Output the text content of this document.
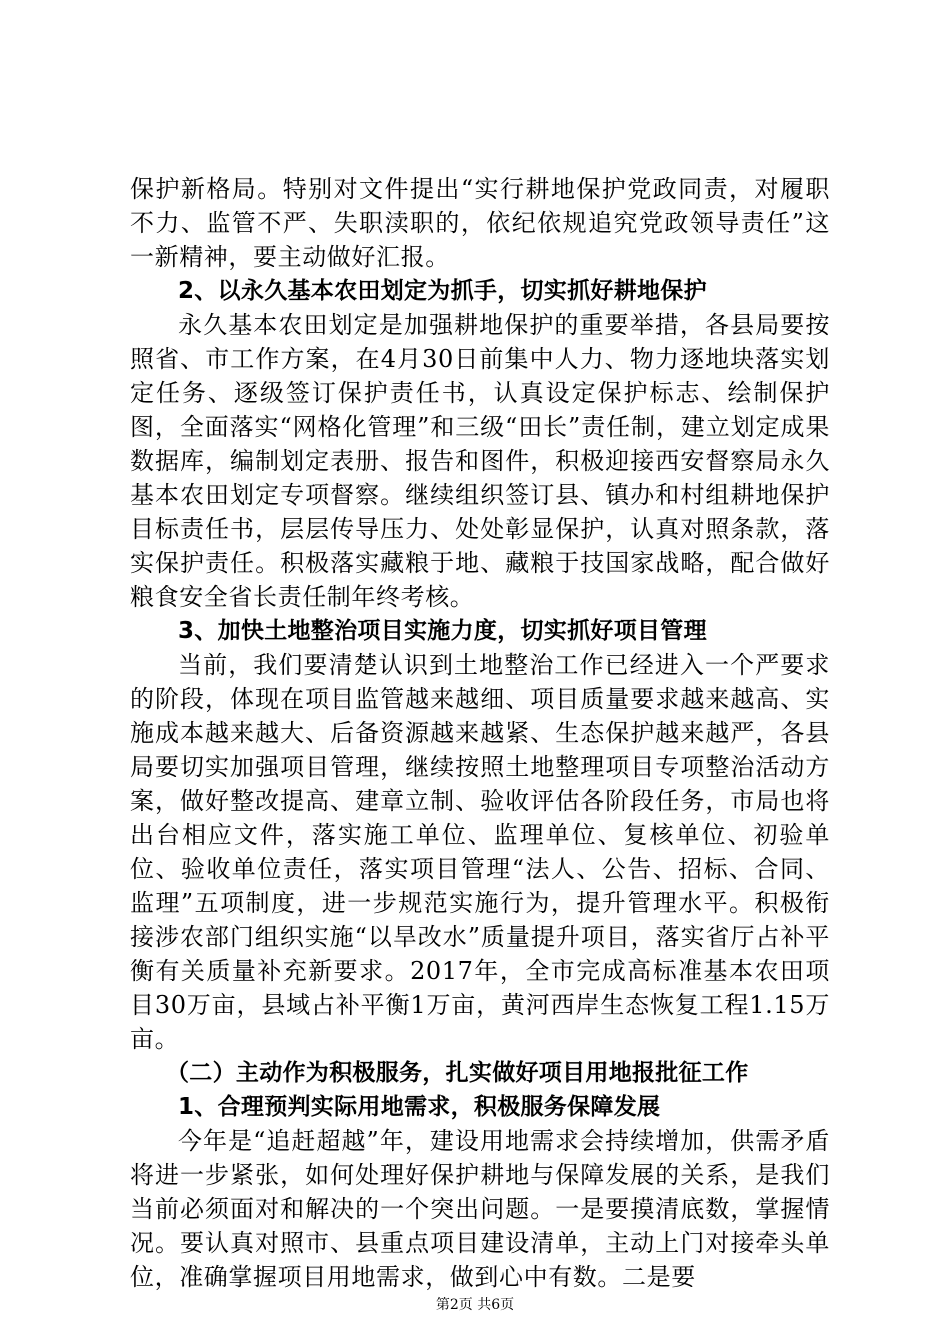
保护新格局。特别对文件提出“实行耕地保护党政同责，对履职不力、监管不严、失职渎职的，依纪依规追究党政领导责任”这一新精神，要主动做好汇报。

2、以永久基本农田划定为抓手，切实抓好耕地保护

永久基本农田划定是加强耕地保护的重要举措，各县局要按照省、市工作方案，在4月30日前集中人力、物力逐地块落实划定任务、逐级签订保护责任书，认真设定保护标志、绘制保护图，全面落实“网格化管理”和三级“田长”责任制，建立划定成果数据库，编制划定表册、报告和图件，积极迎接西安督察局永久基本农田划定专项督察。继续组织签订县、镇办和村组耕地保护目标责任书，层层传导压力、处处彰显保护，认真对照条款，落实保护责任。积极落实藏粮于地、藏粮于技国家战略，配合做好粮食安全省长责任制年终考核。

3、加快土地整治项目实施力度，切实抓好项目管理

当前，我们要清楚认识到土地整治工作已经进入一个严要求的阶段，体现在项目监管越来越细、项目质量要求越来越高、实施成本越来越大、后备资源越来越紧、生态保护越来越严，各县局要切实加强项目管理，继续按照土地整理项目专项整治活动方案，做好整改提高、建章立制、验收评估各阶段任务，市局也将出台相应文件，落实施工单位、监理单位、复核单位、初验单位、验收单位责任，落实项目管理“法人、公告、招标、合同、监理”五项制度，进一步规范实施行为，提升管理水平。积极衔接涉农部门组织实施“以旱改水”质量提升项目，落实省厅占补平衡有关质量补充新要求。2017年，全市完成高标准基本农田项目30万亩，县域占补平衡1万亩，黄河西岸生态恢复工程1.15万亩。

（二）主动作为积极服务，扎实做好项目用地报批征工作

1、合理预判实际用地需求，积极服务保障发展

今年是“追赶超越”年，建设用地需求会持续增加，供需矛盾将进一步紧张，如何处理好保护耕地与保障发展的关系，是我们当前必须面对和解决的一个突出问题。一是要摸清底数，掌握情况。要认真对照市、县重点项目建设清单，主动上门对接牵头单位，准确掌握项目用地需求，做到心中有数。二是要

第2页 共6页
